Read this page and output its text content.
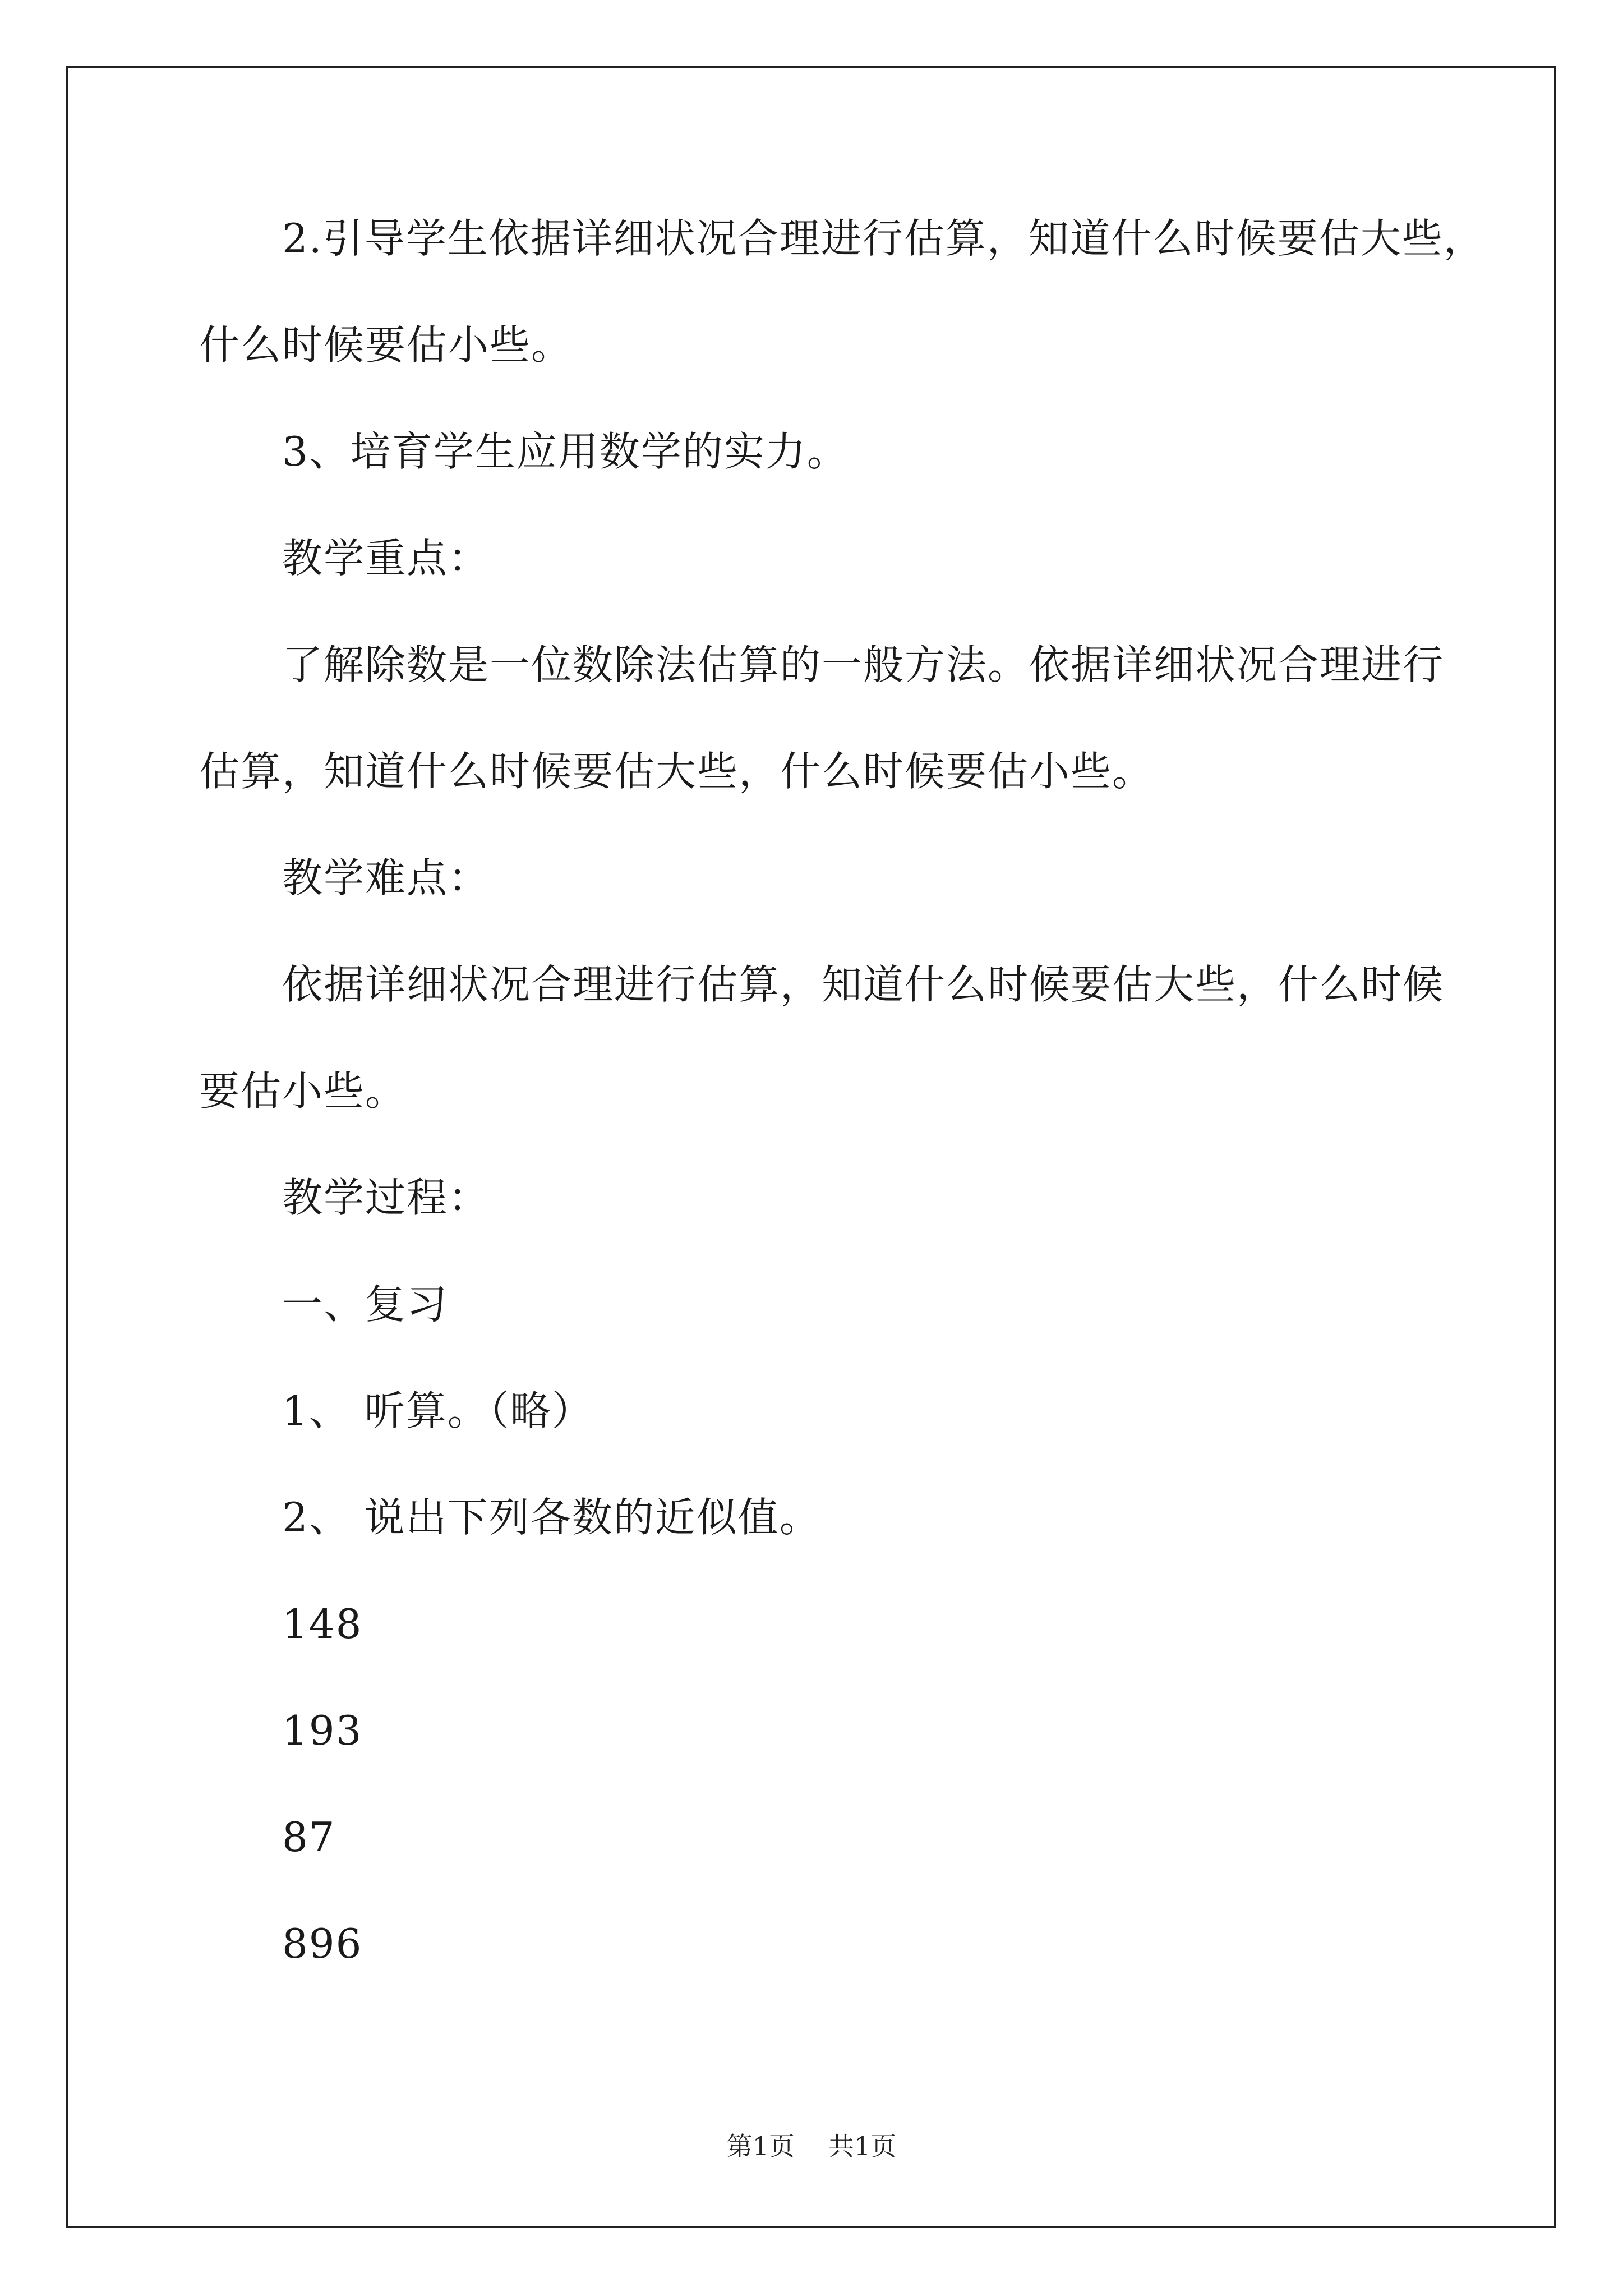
2.引导学生依据详细状况合理进行估算，知道什么时候要估大些，

什么时候要估小些。

3、培育学生应用数学的实力。

教学重点：

了解除数是一位数除法估算的一般方法。依据详细状况合理进行

估算，知道什么时候要估大些，什么时候要估小些。

教学难点：

依据详细状况合理进行估算，知道什么时候要估大些，什么时候

要估小些。

教学过程：

一、复习

1、 听算。（略）

2、 说出下列各数的近似值。

148

193

87

896

第1页 共1页
